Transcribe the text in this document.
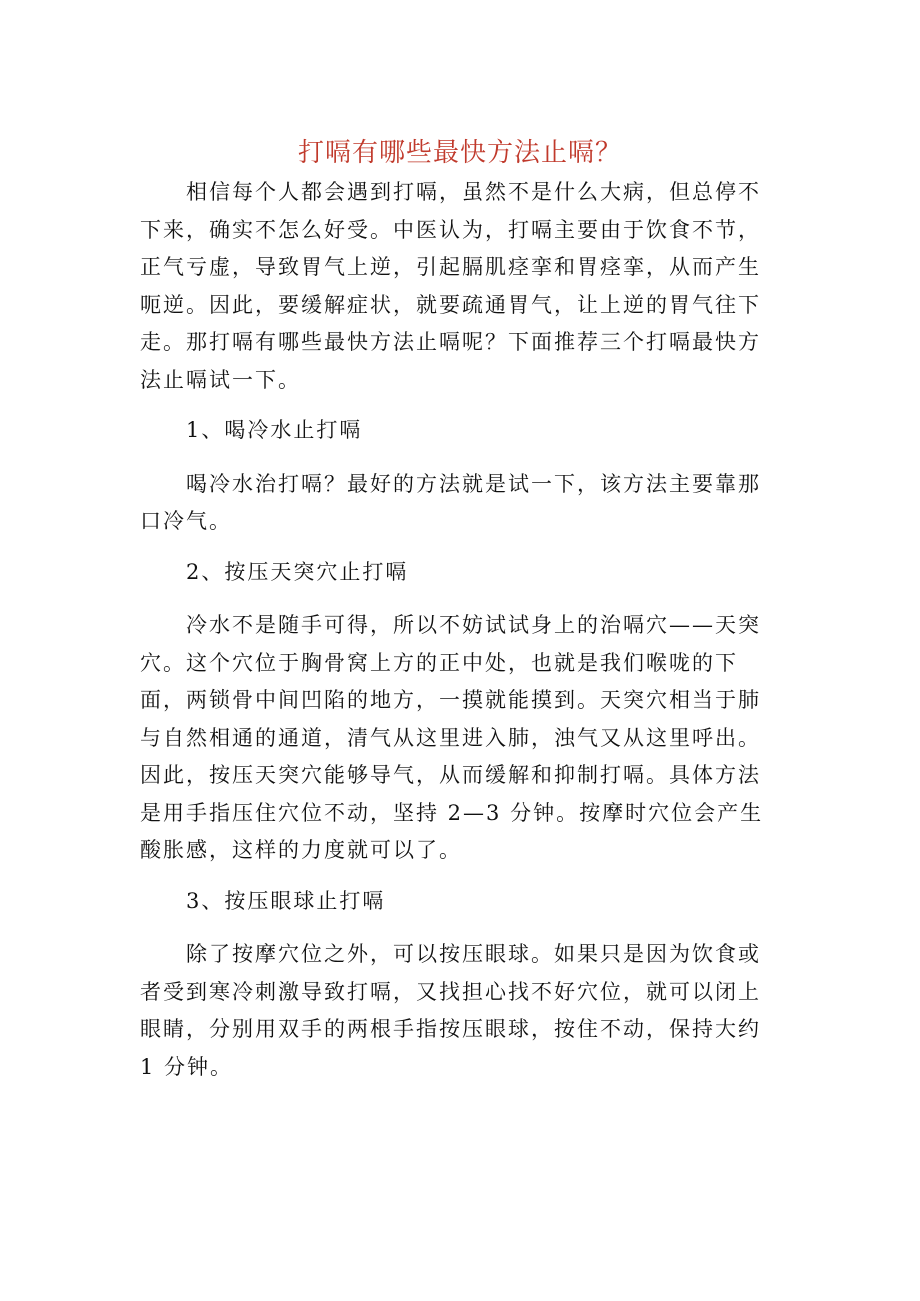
打嗝有哪些最快方法止嗝？

相信每个人都会遇到打嗝，虽然不是什么大病，但总停不下来，确实不怎么好受。中医认为，打嗝主要由于饮食不节，正气亏虚，导致胃气上逆，引起膈肌痉挛和胃痉挛，从而产生呃逆。因此，要缓解症状，就要疏通胃气，让上逆的胃气往下走。那打嗝有哪些最快方法止嗝呢？下面推荐三个打嗝最快方法止嗝试一下。

1、喝冷水止打嗝

喝冷水治打嗝？最好的方法就是试一下，该方法主要靠那口冷气。

2、按压天突穴止打嗝

冷水不是随手可得，所以不妨试试身上的治嗝穴——天突穴。这个穴位于胸骨窝上方的正中处，也就是我们喉咙的下面，两锁骨中间凹陷的地方，一摸就能摸到。天突穴相当于肺与自然相通的通道，清气从这里进入肺，浊气又从这里呼出。因此，按压天突穴能够导气，从而缓解和抑制打嗝。具体方法是用手指压住穴位不动，坚持 2—3 分钟。按摩时穴位会产生酸胀感，这样的力度就可以了。

3、按压眼球止打嗝

除了按摩穴位之外，可以按压眼球。如果只是因为饮食或者受到寒冷刺激导致打嗝，又找担心找不好穴位，就可以闭上眼睛，分别用双手的两根手指按压眼球，按住不动，保持大约 1 分钟。
